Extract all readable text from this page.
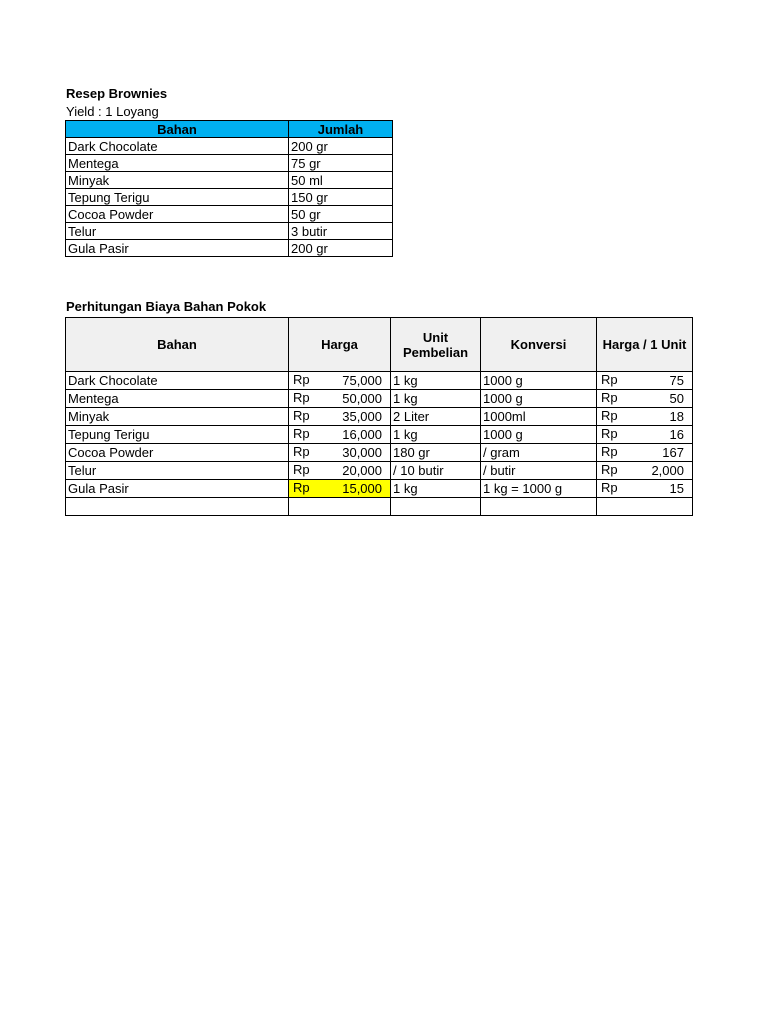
Resep Brownies
Yield : 1 Loyang
Bahan	Jumlah
Dark Chocolate	200 gr
Mentega	75 gr
Minyak	50 ml
Tepung Terigu	150 gr
Cocoa Powder	50 gr
Telur	3 butir
Gula Pasir	200 gr
Perhitungan Biaya Bahan Pokok
Bahan	Harga	Unit Pembelian	Konversi	Harga / 1 Unit
Dark Chocolate	Rp 75,000	1 kg	1000 g	Rp 75

Mentega	Rp 50,000	1 kg	1000 g	Rp 50

Minyak	Rp 35,000	2 Liter	1000ml	Rp 18

Tepung Terigu	Rp 16,000	1 kg	1000 g	Rp 16

Cocoa Powder	Rp 30,000	180 gr	/ gram	Rp 167

Telur	Rp 20,000	/ 10 butir	/ butir	Rp 2,000

Gula Pasir	Rp 15,000	1 kg	1 kg = 1000 g	Rp 15
